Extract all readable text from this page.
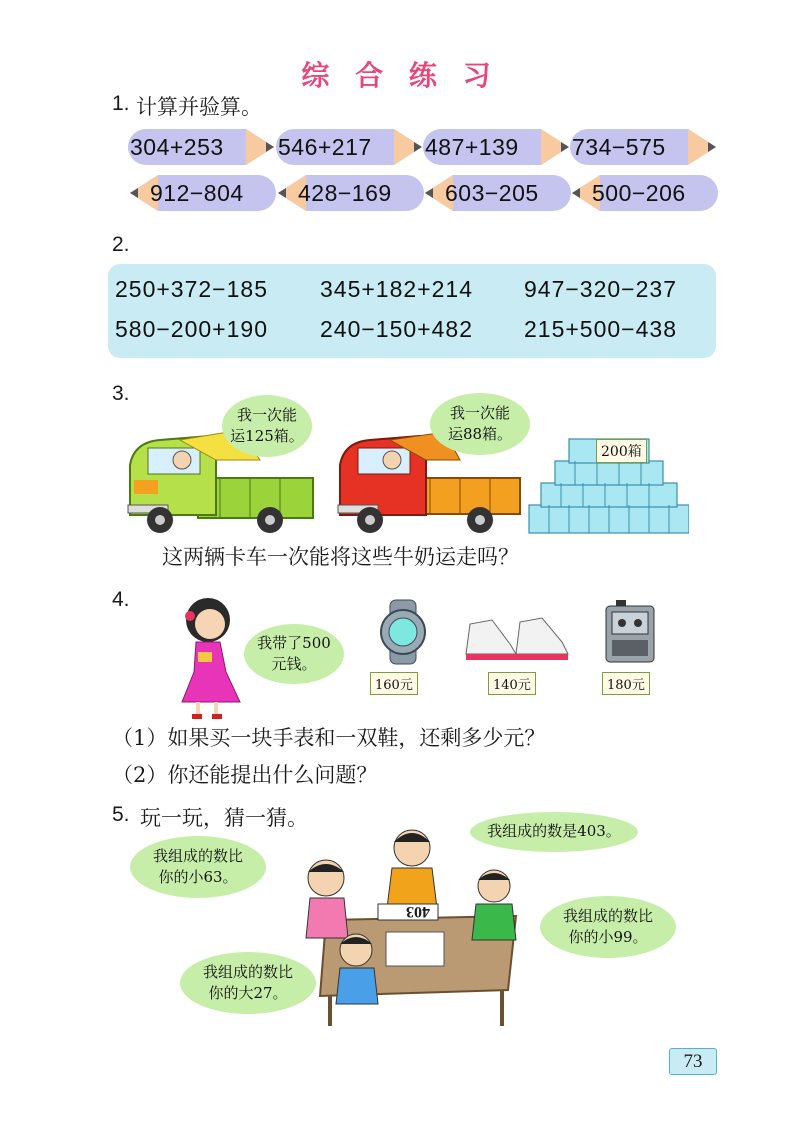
综 合 练 习
1. 计算并验算。
304+253 546+217 487+139 734−575
912−804 428−169 603−205 500−206
2.
250+372−185 345+182+214 947−320−237
580−200+190 240−150+482 215+500−438
3.
我一次能
运125箱。
我一次能
运88箱。
200箱
这两辆卡车一次能将这些牛奶运走吗？
4.
我带了500
元钱。
160元	140元	180元
（1）如果买一块手表和一双鞋，还剩多少元？
（2）你还能提出什么问题？
5. 玩一玩，猜一猜。
403
我组成的数是403。
我组成的数比
你的小63。
我组成的数比
你的小99。
我组成的数比
你的大27。
73
